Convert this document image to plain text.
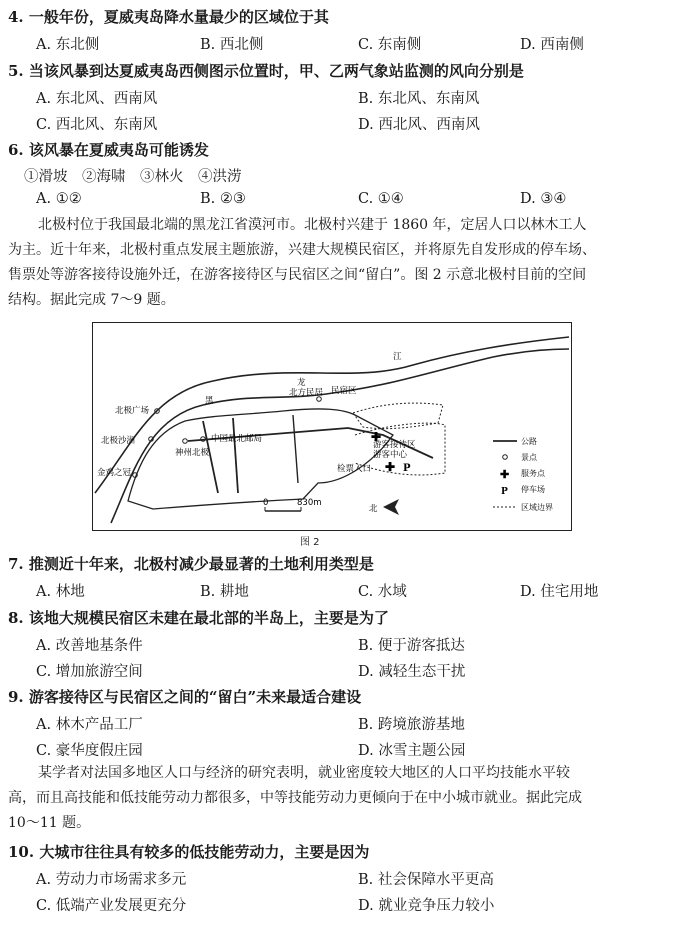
4. 一般年份，夏威夷岛降水量最少的区域位于其
A. 东北侧	B. 西北侧	C. 东南侧	D. 西南侧
5. 当该风暴到达夏威夷岛西侧图示位置时，甲、乙两气象站监测的风向分别是
A. 东北风、西南风	B. 东北风、东南风
C. 西北风、东南风	D. 西北风、西南风
6. 该风暴在夏威夷岛可能诱发
①滑坡　②海啸　③林火　④洪涝
A. ①②	B. ②③	C. ①④	D. ③④
北极村位于我国最北端的黑龙江省漠河市。北极村兴建于 1860 年，定居人口以林木工人
为主。近十年来，北极村重点发展主题旅游，兴建大规模民宿区，并将原先自发形成的停车场、
售票处等游客接待设施外迁，在游客接待区与民宿区之间“留白”。图 2 示意北极村目前的空间
结构。据此完成 7～9 题。
✚
✚ P
江
龙
黑
民宿区
北极广场
北极沙洲
金鸡之冠
神州北极
中国最北邮局
北方民居
游客接待区
游客中心
检票入口
0	830m
北
公路
景点
✚ 服务点
P 停车场
区域边界
图 2
7. 推测近十年来，北极村减少最显著的土地利用类型是
A. 林地	B. 耕地	C. 水域	D. 住宅用地
8. 该地大规模民宿区未建在最北部的半岛上，主要是为了
A. 改善地基条件	B. 便于游客抵达
C. 增加旅游空间	D. 减轻生态干扰
9. 游客接待区与民宿区之间的“留白”未来最适合建设
A. 林木产品工厂	B. 跨境旅游基地
C. 豪华度假庄园	D. 冰雪主题公园
某学者对法国多地区人口与经济的研究表明，就业密度较大地区的人口平均技能水平较
高，而且高技能和低技能劳动力都很多，中等技能劳动力更倾向于在中小城市就业。据此完成
10～11 题。
10. 大城市往往具有较多的低技能劳动力，主要是因为
A. 劳动力市场需求多元	B. 社会保障水平更高
C. 低端产业发展更充分	D. 就业竞争压力较小
